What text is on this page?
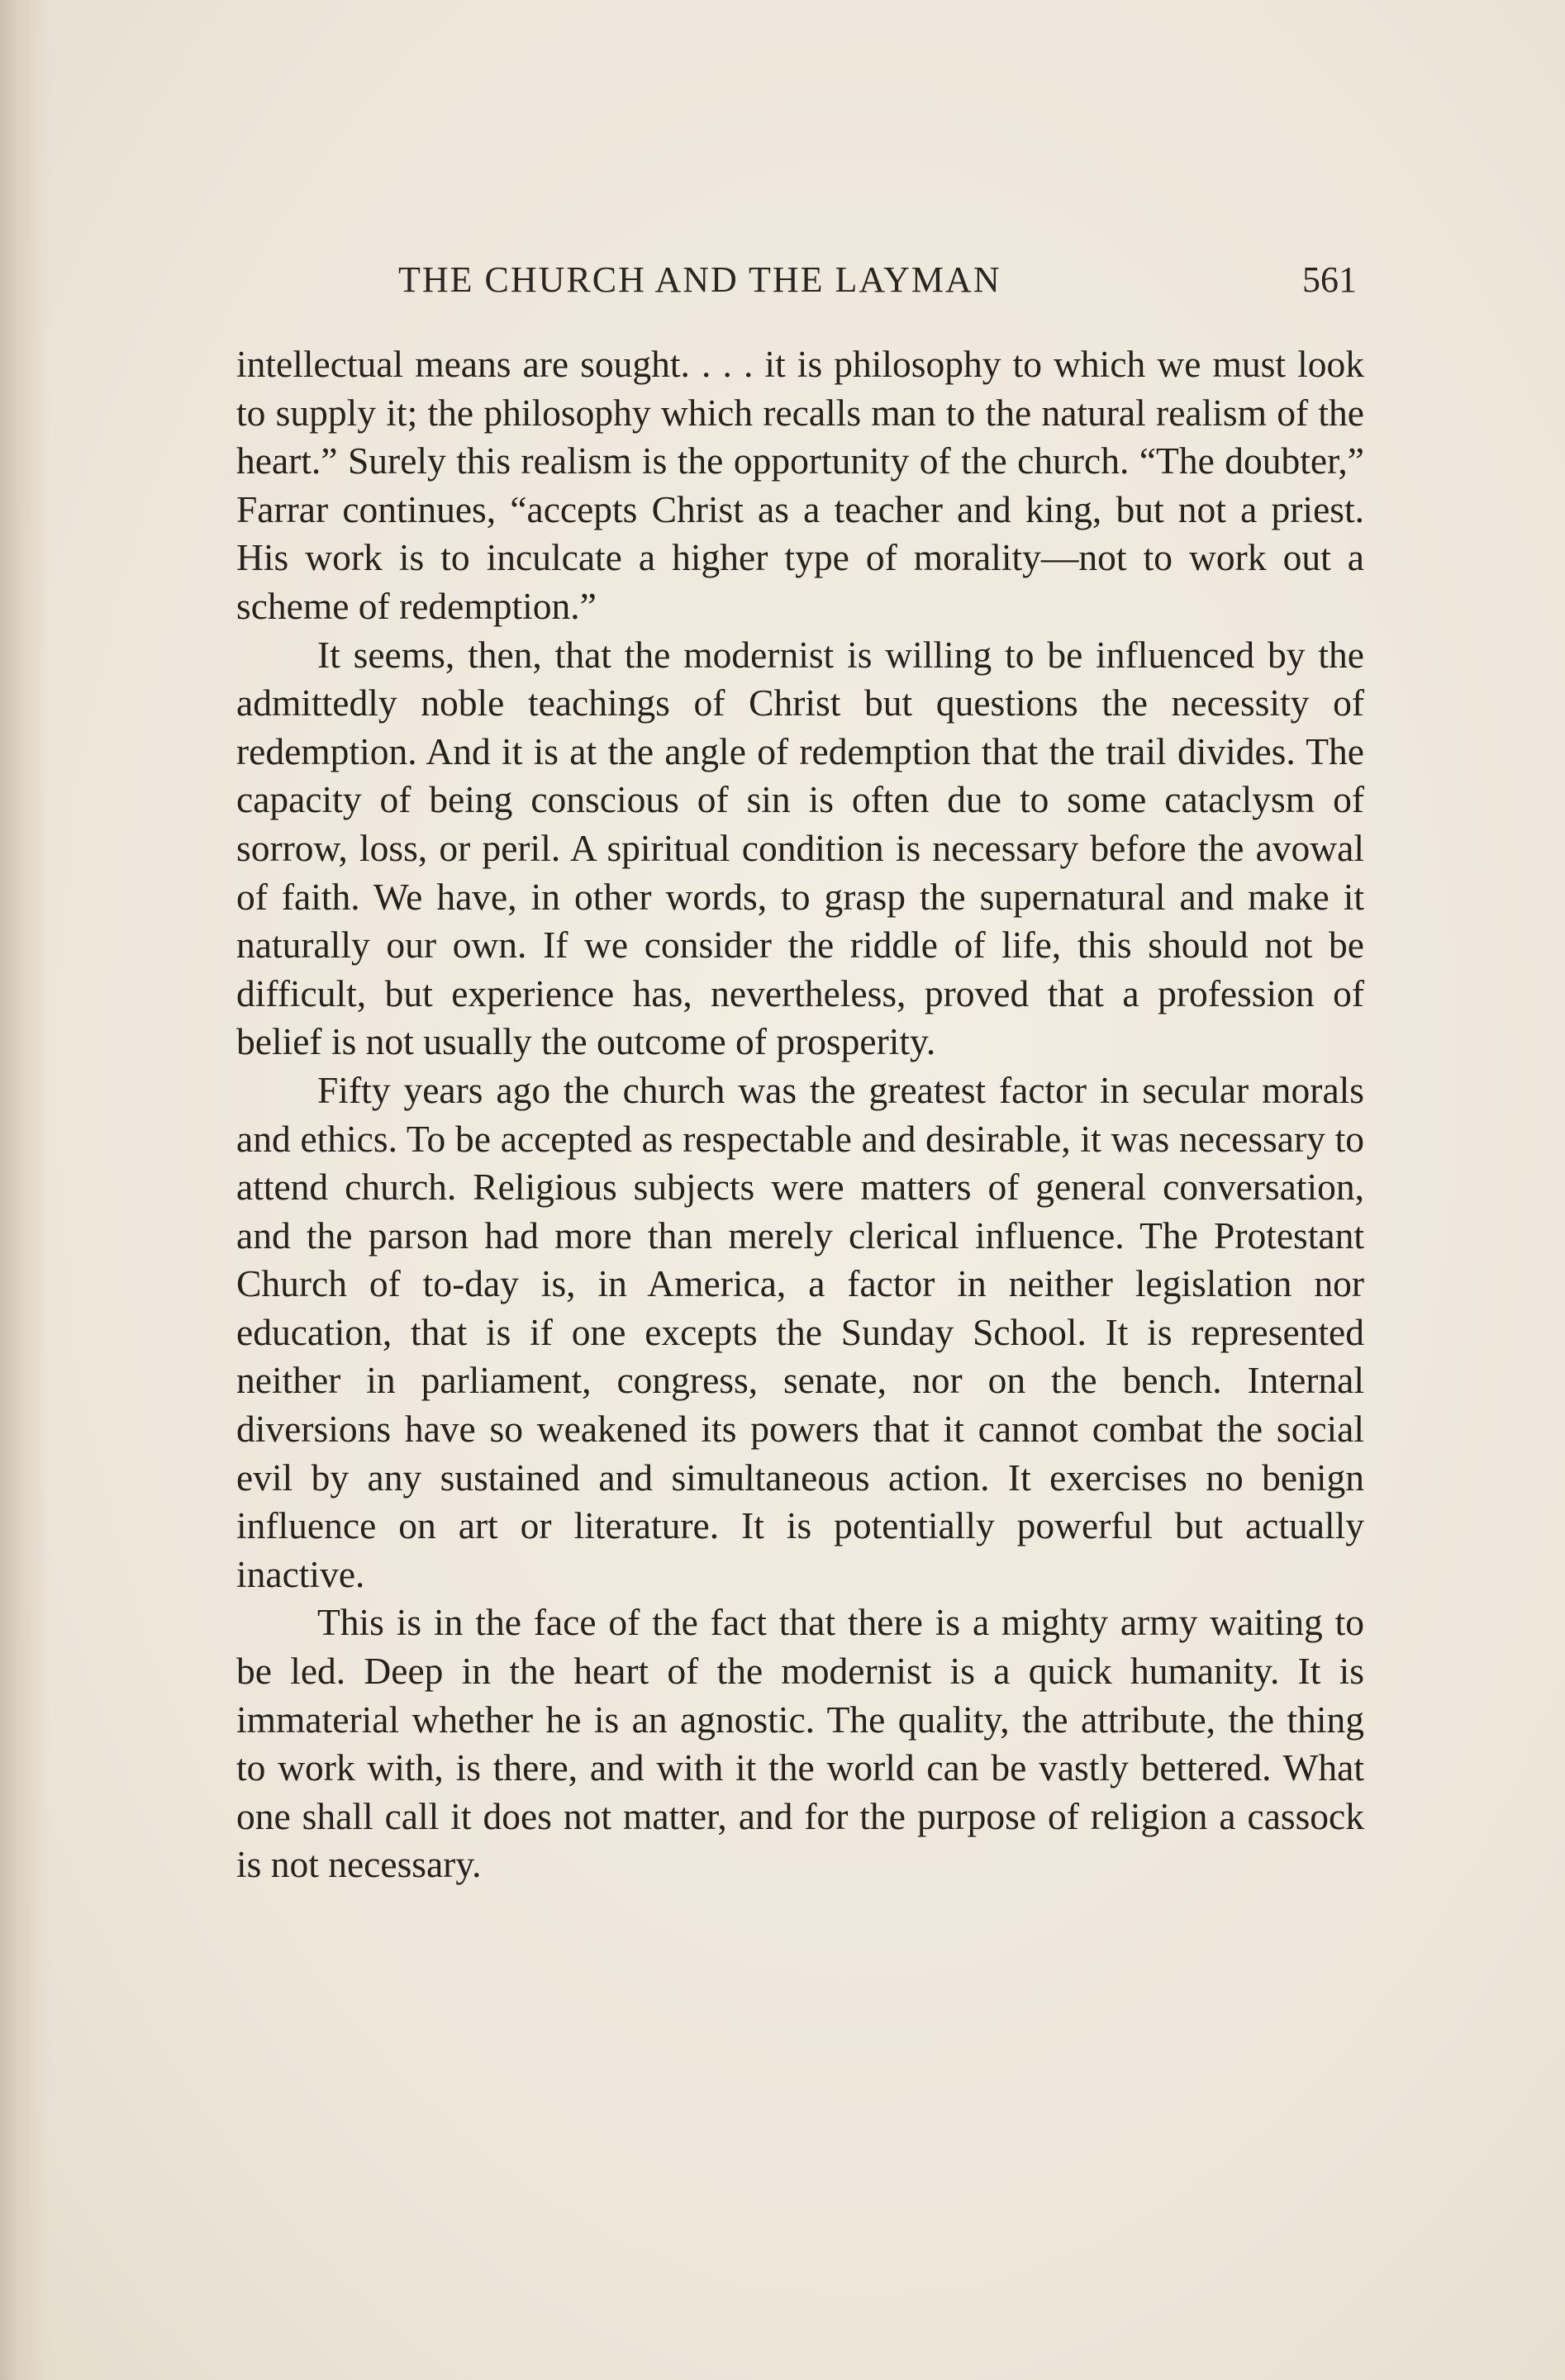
THE CHURCH AND THE LAYMAN	561

intellectual means are sought. . . . it is philosophy to which we must look to supply it; the philosophy which recalls man to the natural realism of the heart.” Surely this realism is the opportunity of the church. “The doubter,” Farrar continues, “accepts Christ as a teacher and king, but not a priest. His work is to inculcate a higher type of morality—not to work out a scheme of redemption.”

It seems, then, that the modernist is willing to be influenced by the admittedly noble teachings of Christ but questions the necessity of redemption. And it is at the angle of redemption that the trail divides. The capacity of being conscious of sin is often due to some cataclysm of sorrow, loss, or peril. A spiritual condition is necessary before the avowal of faith. We have, in other words, to grasp the supernatural and make it naturally our own. If we consider the riddle of life, this should not be difficult, but experience has, nevertheless, proved that a profession of belief is not usually the outcome of prosperity.

Fifty years ago the church was the greatest factor in secular morals and ethics. To be accepted as respectable and desirable, it was necessary to attend church. Religious subjects were matters of general conversation, and the parson had more than merely clerical influence. The Protestant Church of to-day is, in America, a factor in neither legislation nor education, that is if one excepts the Sunday School. It is represented neither in parliament, congress, senate, nor on the bench. Internal diversions have so weakened its powers that it cannot combat the social evil by any sustained and simultaneous action. It exercises no benign influence on art or literature. It is potentially powerful but actually inactive.

This is in the face of the fact that there is a mighty army waiting to be led. Deep in the heart of the modernist is a quick humanity. It is immaterial whether he is an agnostic. The quality, the attribute, the thing to work with, is there, and with it the world can be vastly bettered. What one shall call it does not matter, and for the purpose of religion a cassock is not necessary.
